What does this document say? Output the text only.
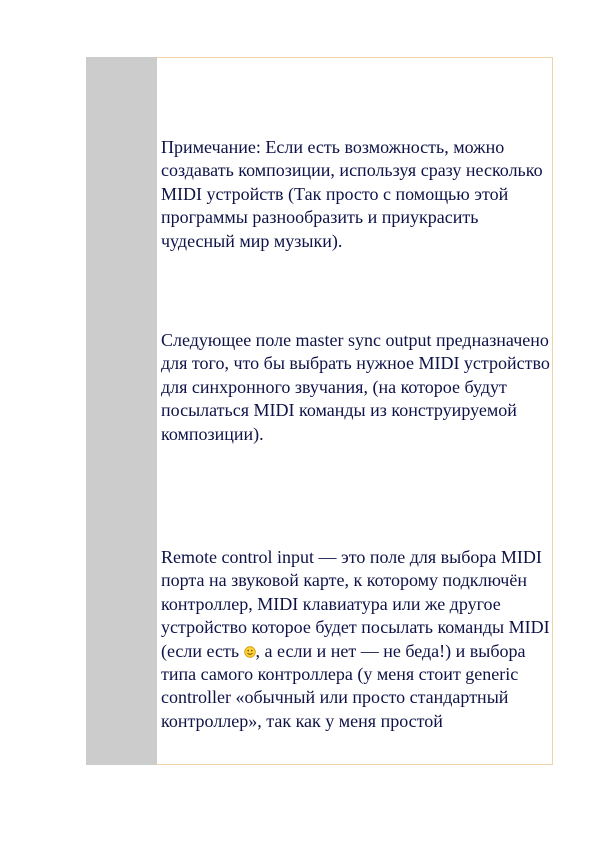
Примечание: Если есть возможность, можно создавать композиции, используя сразу несколько MIDI устройств (Так просто с помощью этой программы разнообразить и приукрасить чудесный мир музыки).

Следующее поле master sync output предназначено для того, что бы выбрать нужное MIDI устройство для синхронного звучания, (на которое будут посылаться MIDI команды из конструируемой композиции).

Remote control input — это поле для выбора MIDI порта на звуковой карте, к которому подключён контроллер, MIDI клавиатура или же другое устройство которое будет посылать команды MIDI (если есть , а если и нет — не беда!) и выбора типа самого контроллера (у меня стоит generic controller «обычный или просто стандартный контроллер», так как у меня простой
